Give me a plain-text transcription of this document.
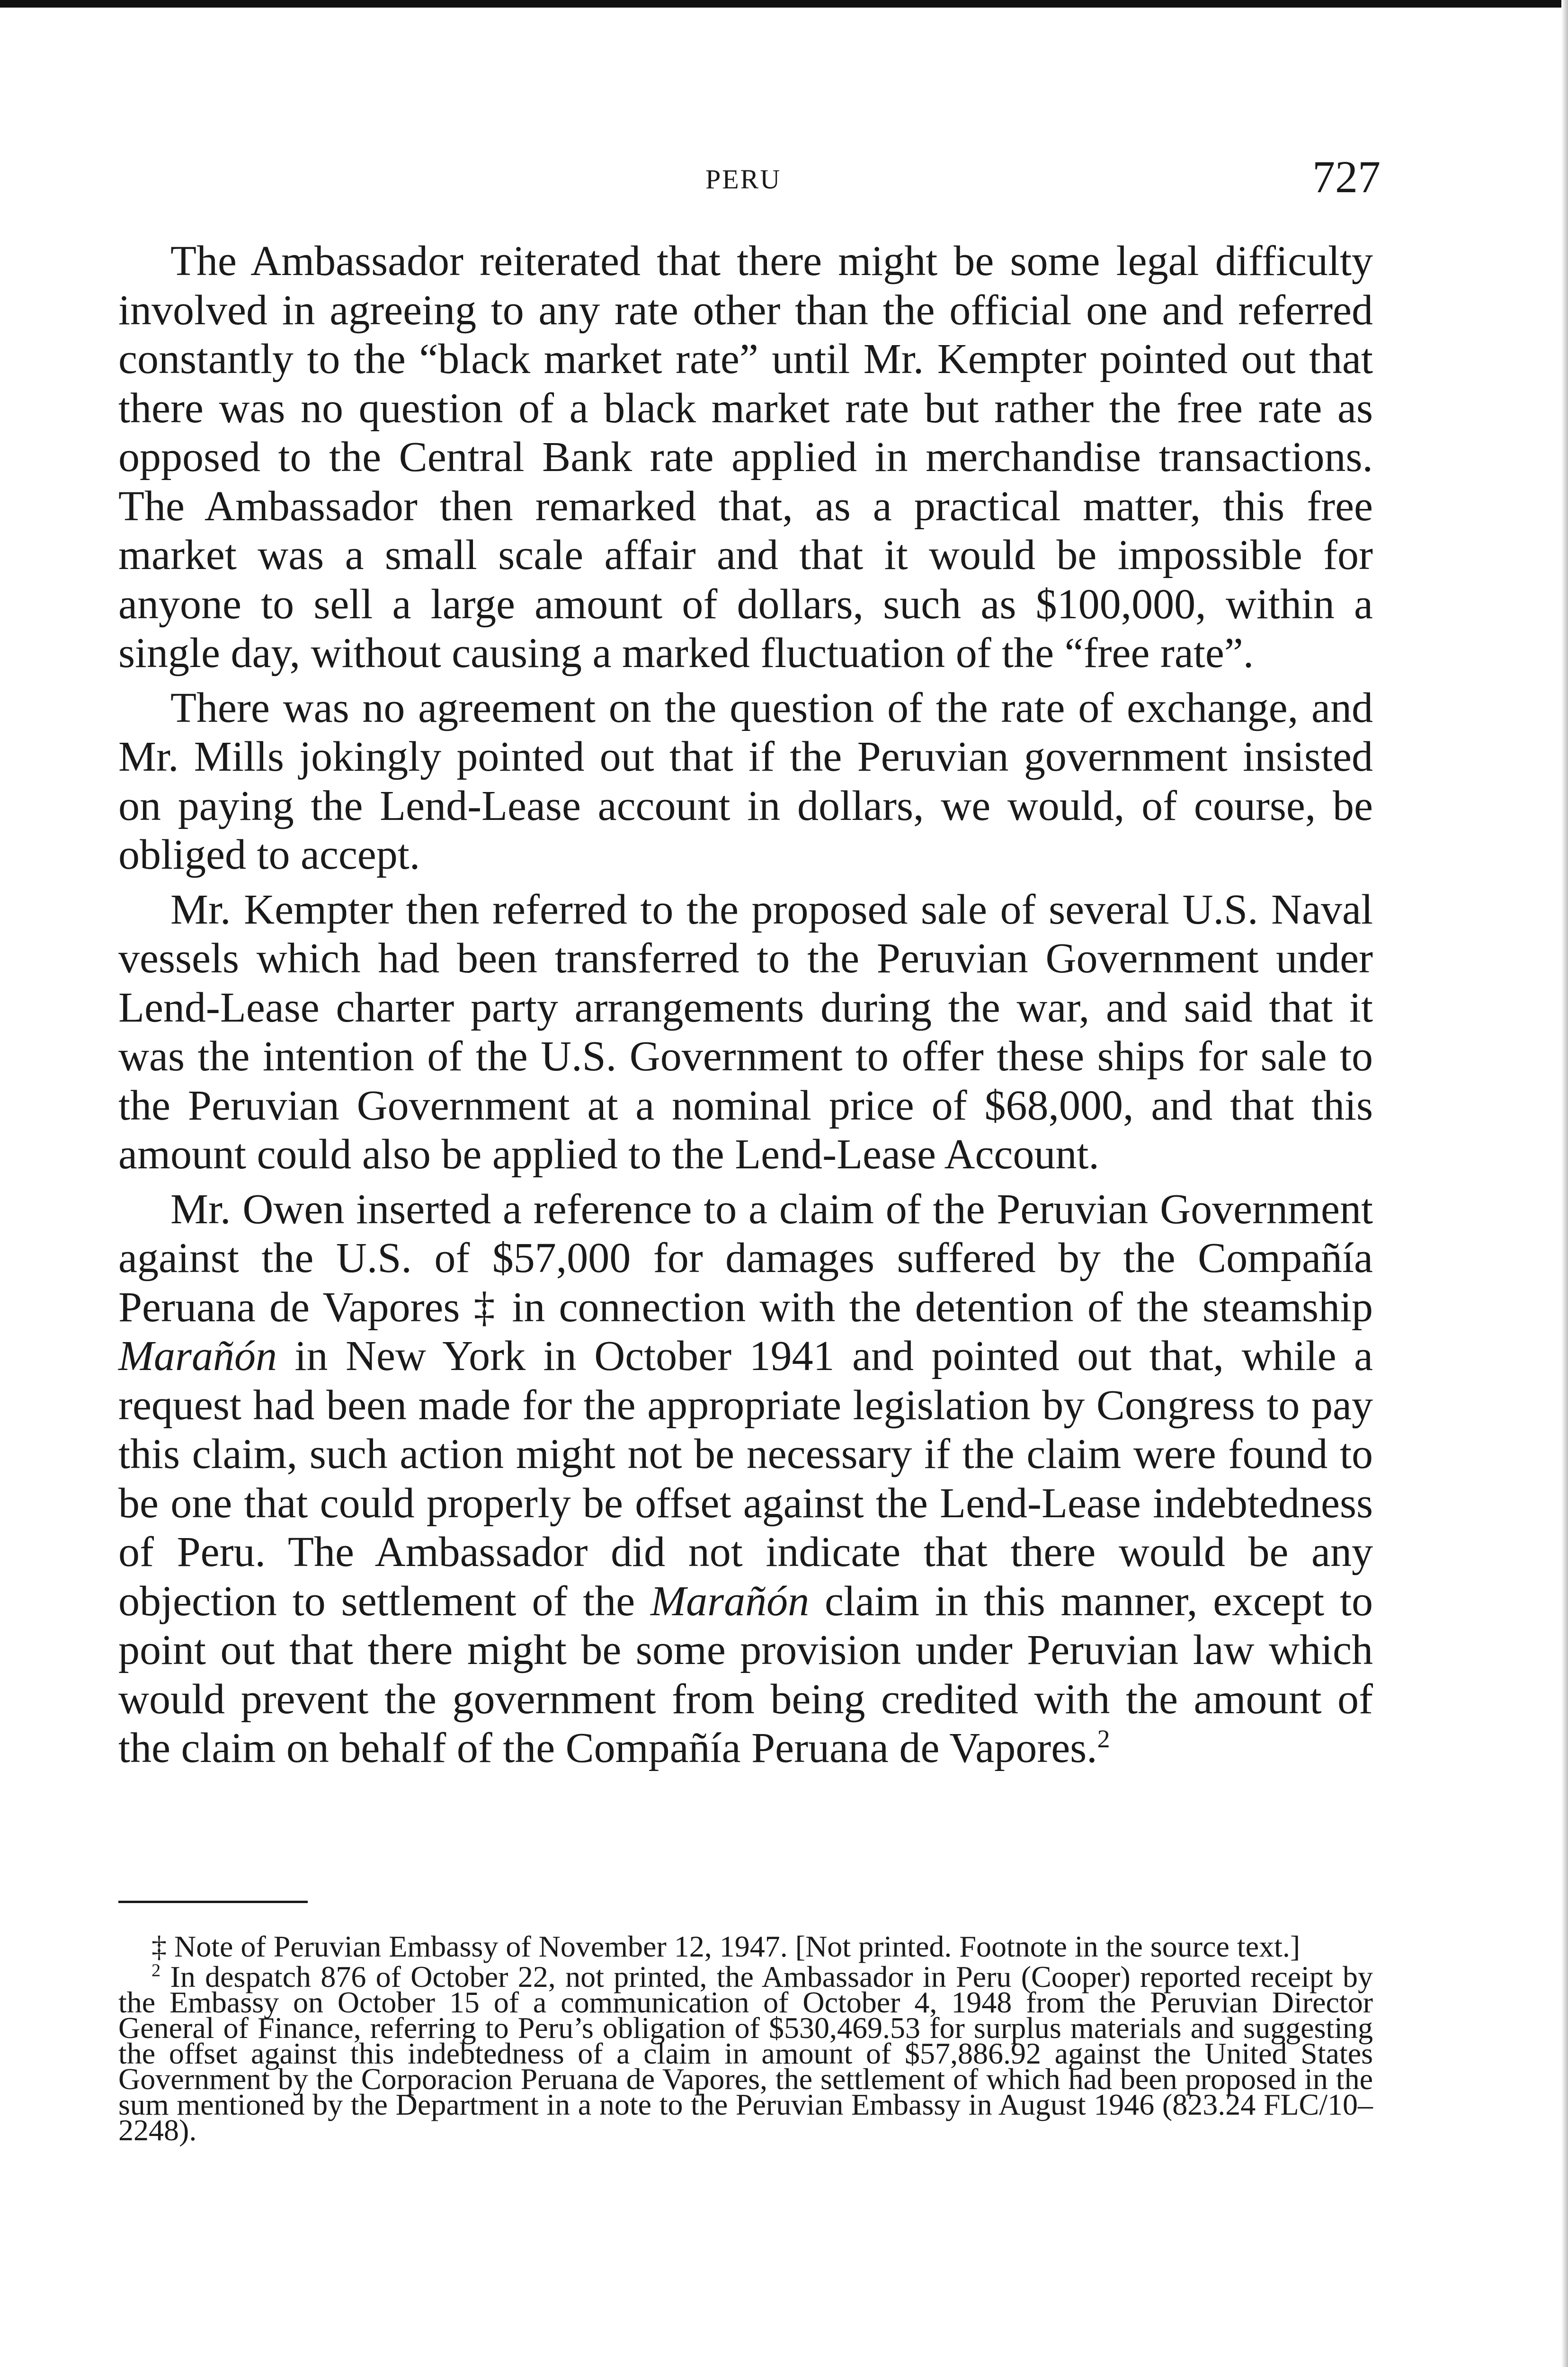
PERU	727

The Ambassador reiterated that there might be some legal difficulty involved in agreeing to any rate other than the official one and referred constantly to the “black market rate” until Mr. Kempter pointed out that there was no question of a black market rate but rather the free rate as opposed to the Central Bank rate applied in merchandise transactions. The Ambassador then remarked that, as a practical matter, this free market was a small scale affair and that it would be impossible for anyone to sell a large amount of dollars, such as $100,000, within a single day, without causing a marked fluctuation of the “free rate”.

There was no agreement on the question of the rate of exchange, and Mr. Mills jokingly pointed out that if the Peruvian government insisted on paying the Lend-Lease account in dollars, we would, of course, be obliged to accept.

Mr. Kempter then referred to the proposed sale of several U.S. Naval vessels which had been transferred to the Peruvian Government under Lend-Lease charter party arrangements during the war, and said that it was the intention of the U.S. Government to offer these ships for sale to the Peruvian Government at a nominal price of $68,000, and that this amount could also be applied to the Lend-Lease Account.

Mr. Owen inserted a reference to a claim of the Peruvian Government against the U.S. of $57,000 for damages suffered by the Compañía Peruana de Vapores ‡ in connection with the detention of the steamship Marañón in New York in October 1941 and pointed out that, while a request had been made for the appropriate legislation by Congress to pay this claim, such action might not be necessary if the claim were found to be one that could properly be offset against the Lend-Lease indebtedness of Peru. The Ambassador did not indicate that there would be any objection to settlement of the Marañón claim in this manner, except to point out that there might be some provision under Peruvian law which would prevent the government from being credited with the amount of the claim on behalf of the Compañía Peruana de Vapores.$^2$

‡ Note of Peruvian Embassy of November 12, 1947. [Not printed. Footnote in the source text.]

$^2$ In despatch 876 of October 22, not printed, the Ambassador in Peru (Cooper) reported receipt by the Embassy on October 15 of a communication of October 4, 1948 from the Peruvian Director General of Finance, referring to Peru’s obligation of $530,469.53 for surplus materials and suggesting the offset against this indebtedness of a claim in amount of $57,886.92 against the United States Government by the Corporacion Peruana de Vapores, the settlement of which had been proposed in the sum mentioned by the Department in a note to the Peruvian Embassy in August 1946 (823.24 FLC/10–2248).
